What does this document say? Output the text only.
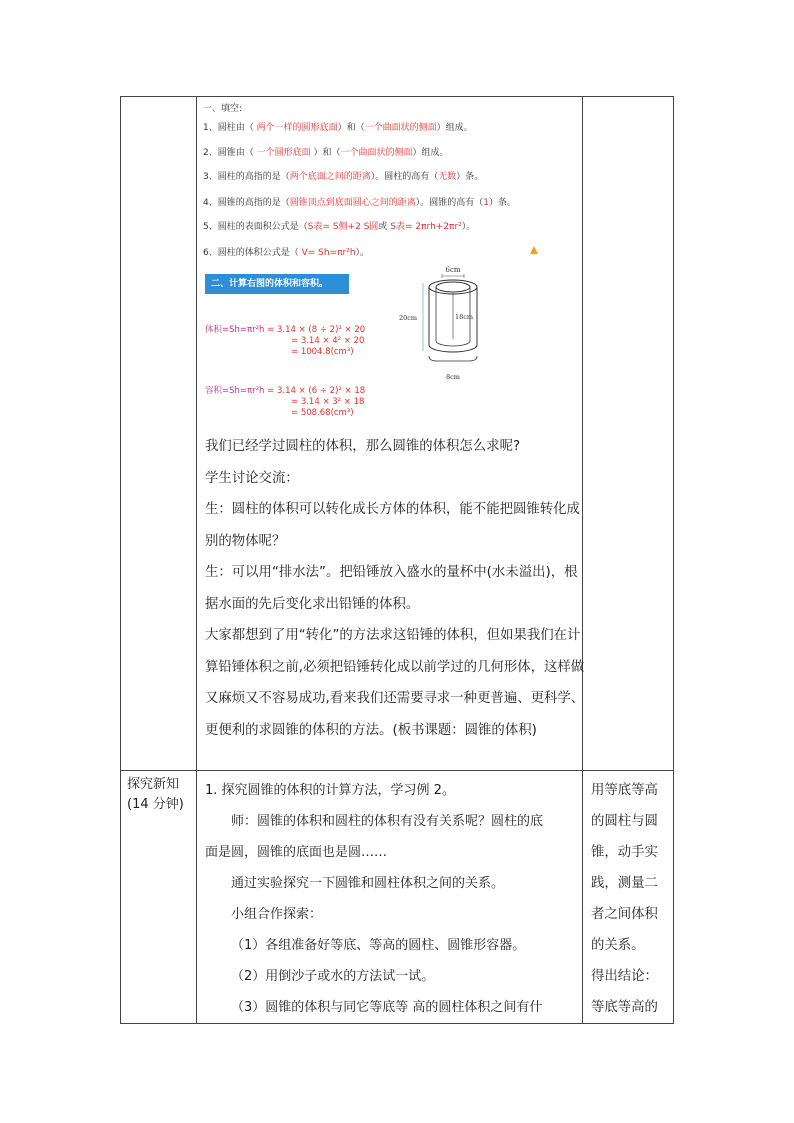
一、填空:
1、圆柱由（ 两个一样的圆形底面）和（一个曲面状的侧面）组成。
2、圆锥由（ 一个圆形底面 ）和（一个曲面状的侧面）组成。
3、圆柱的高指的是（两个底面之间的距离）。圆柱的高有（无数）条。
4、圆锥的高指的是（圆锥顶点到底面圆心之间的距离）。圆锥的高有（1）条。
5、圆柱的表面积公式是（S表= S侧+2 S圆或 S表= 2πrh+2πr²）。
6、圆柱的体积公式是（ V= Sh=πr²h）。
二、计算右图的体积和容积。
体积=Sh=πr²h = 3.14 × (8 ÷ 2)² × 20
= 3.14 × 4² × 20
= 1004.8(cm³)
容积=Sh=πr²h = 3.14 × (6 ÷ 2)² × 18
= 3.14 × 3² × 18
= 508.68(cm³)
6cm
18cm
20cm
8cm
我们已经学过圆柱的体积，那么圆锥的体积怎么求呢?
学生讨论交流：
生：圆柱的体积可以转化成长方体的体积，能不能把圆锥转化成别的物体呢？
生：可以用“排水法”。把铅锤放入盛水的量杯中(水未溢出)，根据水面的先后变化求出铅锤的体积。
大家都想到了用“转化”的方法求这铅锤的体积，但如果我们在计算铅锤体积之前,必须把铅锤转化成以前学过的几何形体，这样做又麻烦又不容易成功,看来我们还需要寻求一种更普遍、更科学、更便利的求圆锥的体积的方法。(板书课题：圆锥的体积)
探究新知
(14 分钟)
1. 探究圆锥的体积的计算方法，学习例 2。
师：圆锥的体积和圆柱的体积有没有关系呢？圆柱的底
面是圆，圆锥的底面也是圆……
通过实验探究一下圆锥和圆柱体积之间的关系。
小组合作探索：
（1）各组准备好等底、等高的圆柱、圆锥形容器。
（2）用倒沙子或水的方法试一试。
（3）圆锥的体积与同它等底等 高的圆柱体积之间有什
用等底等高
的圆柱与圆
锥，动手实
践，测量二
者之间体积
的关系。
得出结论：
等底等高的
